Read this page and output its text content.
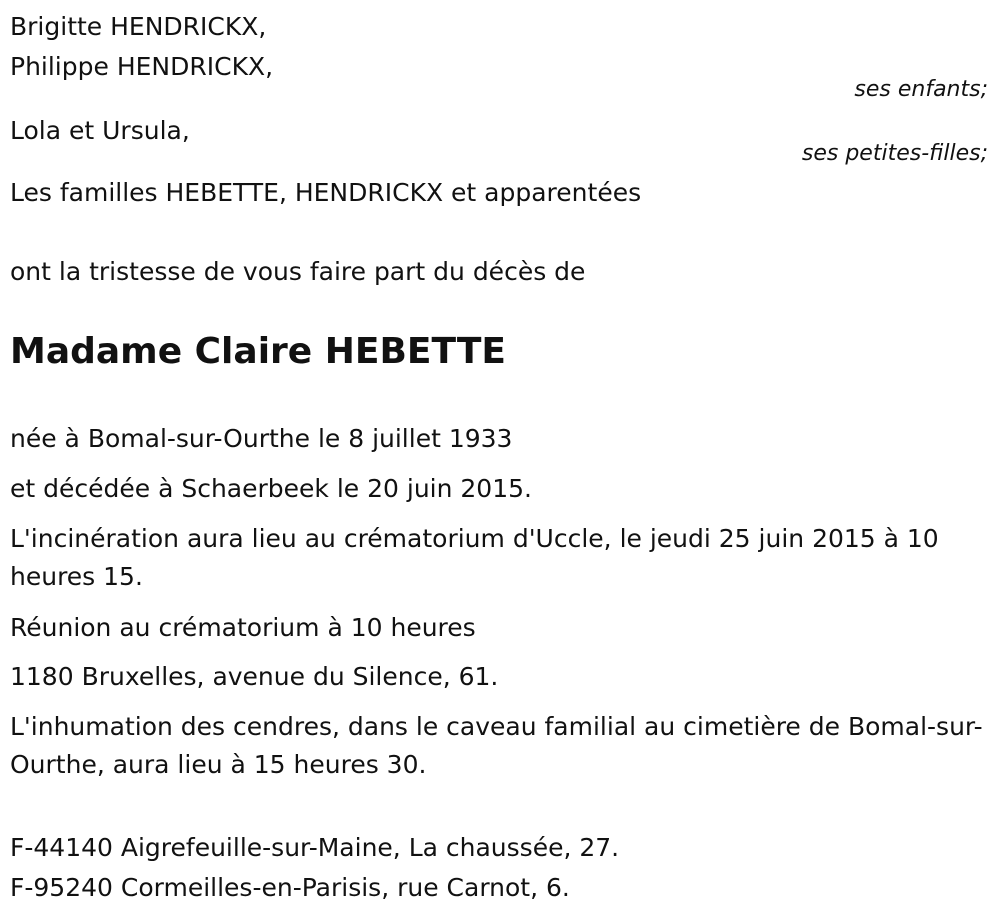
Brigitte HENDRICKX,
Philippe HENDRICKX,
ses enfants;
Lola et Ursula,
ses petites-filles;
Les familles HEBETTE, HENDRICKX et apparentées
ont la tristesse de vous faire part du décès de
Madame Claire HEBETTE
née à Bomal-sur-Ourthe le 8 juillet 1933
et décédée à Schaerbeek le 20 juin 2015.
L'incinération aura lieu au crématorium d'Uccle, le jeudi 25 juin 2015 à 10 heures 15.
Réunion au crématorium à 10 heures
1180 Bruxelles, avenue du Silence, 61.
L'inhumation des cendres, dans le caveau familial au cimetière de Bomal-sur-Ourthe, aura lieu à 15 heures 30.
F-44140 Aigrefeuille-sur-Maine, La chaussée, 27.
F-95240 Cormeilles-en-Parisis, rue Carnot, 6.
